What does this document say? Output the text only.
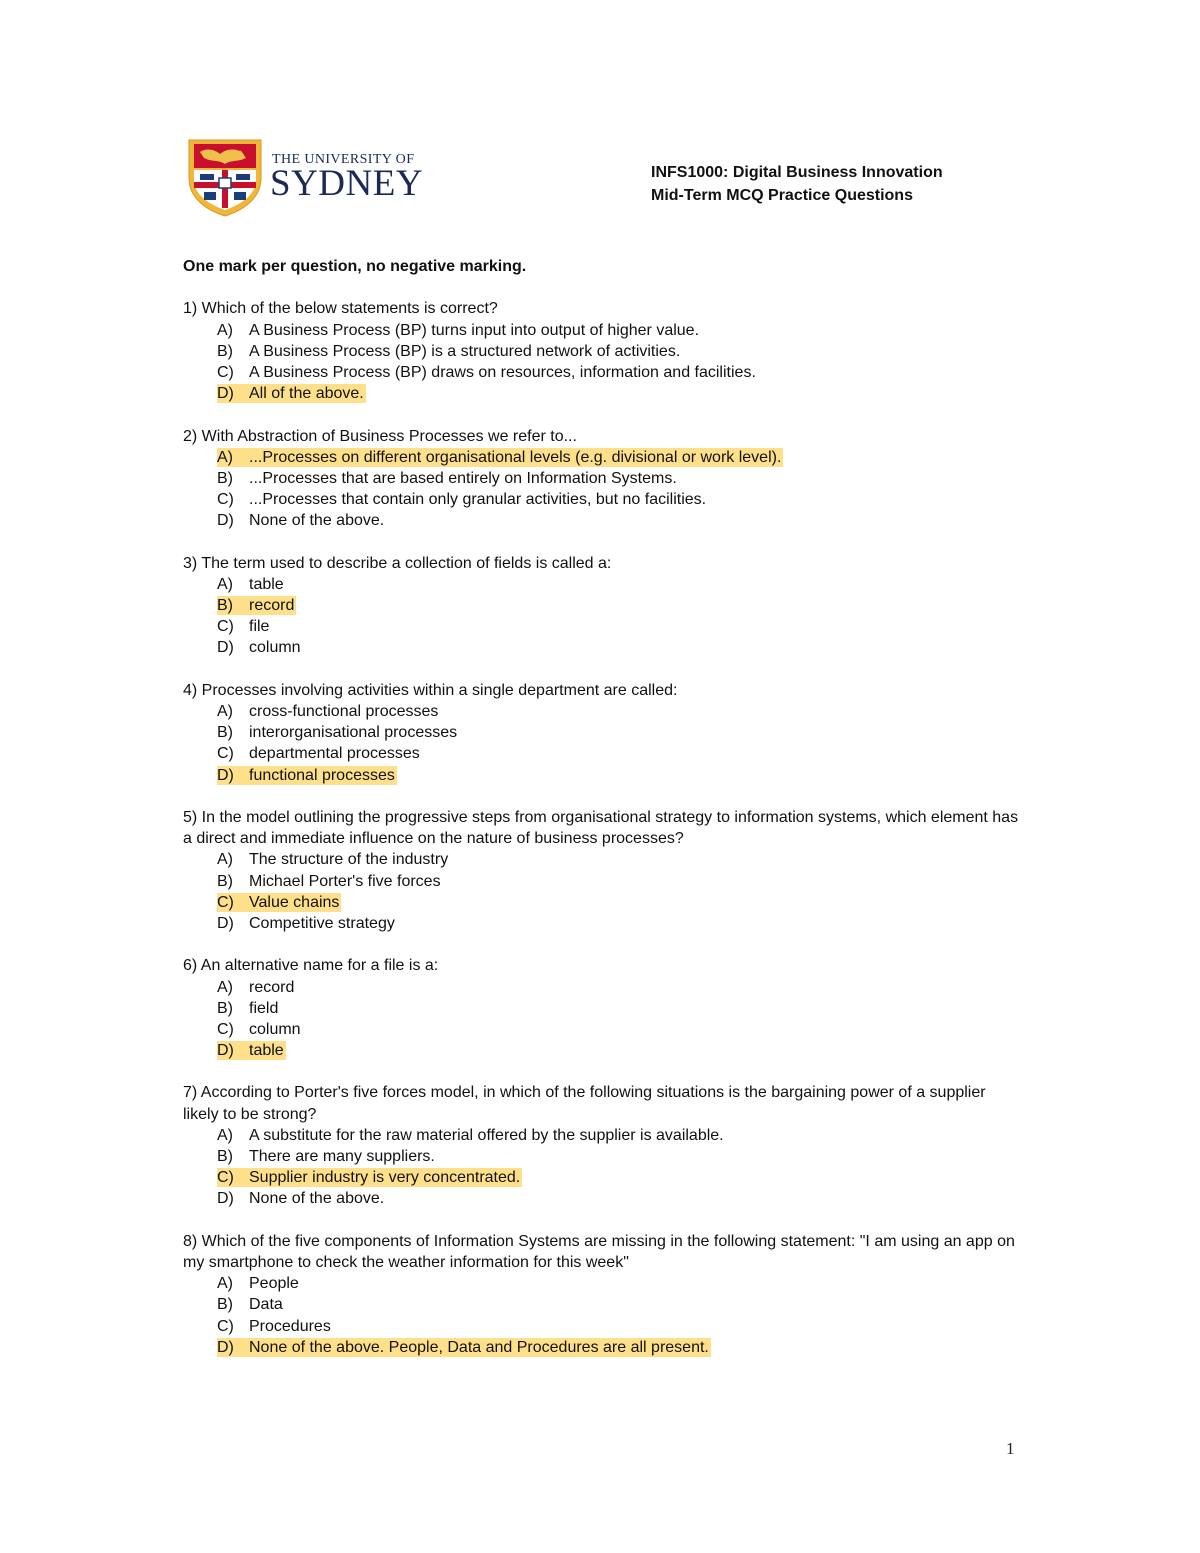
THE UNIVERSITY OF
SYDNEY	INFS1000: Digital Business Innovation
Mid-Term MCQ Practice Questions
One mark per question, no negative marking.
1) Which of the below statements is correct?
A) A Business Process (BP) turns input into output of higher value.
B) A Business Process (BP) is a structured network of activities.
C) A Business Process (BP) draws on resources, information and facilities.
D) All of the above.
2) With Abstraction of Business Processes we refer to...
A) ...Processes on different organisational levels (e.g. divisional or work level).
B) ...Processes that are based entirely on Information Systems.
C) ...Processes that contain only granular activities, but no facilities.
D) None of the above.
3) The term used to describe a collection of fields is called a:
A) table
B) record
C) file
D) column
4) Processes involving activities within a single department are called:
A) cross-functional processes
B) interorganisational processes
C) departmental processes
D) functional processes
5) In the model outlining the progressive steps from organisational strategy to information systems, which element has a direct and immediate influence on the nature of business processes?
A) The structure of the industry
B) Michael Porter's five forces
C) Value chains
D) Competitive strategy
6) An alternative name for a file is a:
A) record
B) field
C) column
D) table
7) According to Porter's five forces model, in which of the following situations is the bargaining power of a supplier likely to be strong?
A) A substitute for the raw material offered by the supplier is available.
B) There are many suppliers.
C) Supplier industry is very concentrated.
D) None of the above.
8) Which of the five components of Information Systems are missing in the following statement: "I am using an app on my smartphone to check the weather information for this week"
A) People
B) Data
C) Procedures
D) None of the above. People, Data and Procedures are all present.
1
